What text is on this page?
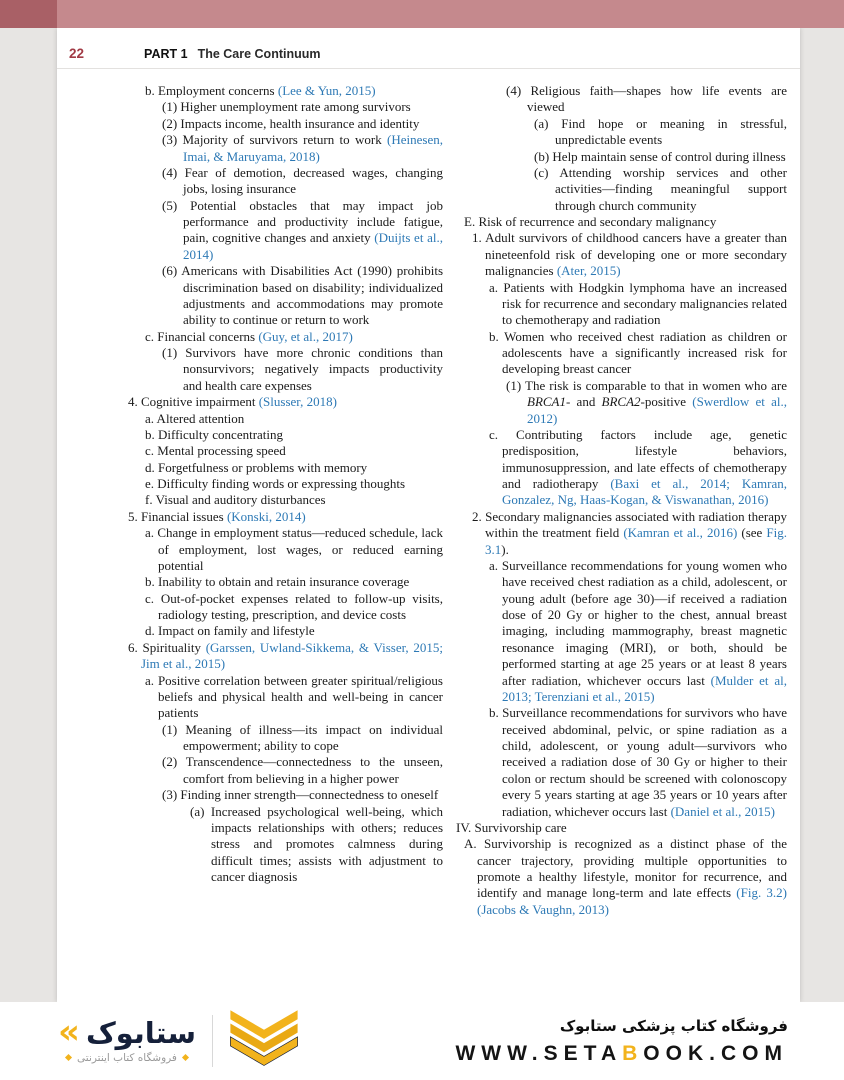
22	PART 1 The Care Continuum

b. Employment concerns (Lee & Yun, 2015)

(1) Higher unemployment rate among survivors

(2) Impacts income, health insurance and identity

(3) Majority of survivors return to work (Heinesen, Imai, & Maruyama, 2018)

(4) Fear of demotion, decreased wages, changing jobs, losing insurance

(5) Potential obstacles that may impact job performance and productivity include fatigue, pain, cognitive changes and anxiety (Duijts et al., 2014)

(6) Americans with Disabilities Act (1990) prohibits discrimination based on disability; individualized adjustments and accommodations may promote ability to continue or return to work

c. Financial concerns (Guy, et al., 2017)

(1) Survivors have more chronic conditions than nonsurvivors; negatively impacts productivity and health care expenses

4. Cognitive impairment (Slusser, 2018)

a. Altered attention

b. Difficulty concentrating

c. Mental processing speed

d. Forgetfulness or problems with memory

e. Difficulty finding words or expressing thoughts

f. Visual and auditory disturbances

5. Financial issues (Konski, 2014)

a. Change in employment status—reduced schedule, lack of employment, lost wages, or reduced earning potential

b. Inability to obtain and retain insurance coverage

c. Out-of-pocket expenses related to follow-up visits, radiology testing, prescription, and device costs

d. Impact on family and lifestyle

6. Spirituality (Garssen, Uwland-Sikkema, & Visser, 2015; Jim et al., 2015)

a. Positive correlation between greater spiritual/religious beliefs and physical health and well-being in cancer patients

(1) Meaning of illness—its impact on individual empowerment; ability to cope

(2) Transcendence—connectedness to the unseen, comfort from believing in a higher power

(3) Finding inner strength—connectedness to oneself

(a) Increased psychological well-being, which impacts relationships with others; reduces stress and promotes calmness during difficult times; assists with adjustment to cancer diagnosis

(4) Religious faith—shapes how life events are viewed

(a) Find hope or meaning in stressful, unpredictable events

(b) Help maintain sense of control during illness

(c) Attending worship services and other activities—finding meaningful support through church community

E. Risk of recurrence and secondary malignancy

1. Adult survivors of childhood cancers have a greater than nineteenfold risk of developing one or more secondary malignancies (Ater, 2015)

a. Patients with Hodgkin lymphoma have an increased risk for recurrence and secondary malignancies related to chemotherapy and radiation

b. Women who received chest radiation as children or adolescents have a significantly increased risk for developing breast cancer

(1) The risk is comparable to that in women who are BRCA1- and BRCA2-positive (Swerdlow et al., 2012)

c. Contributing factors include age, genetic predisposition, lifestyle behaviors, immunosuppression, and late effects of chemotherapy and radiotherapy (Baxi et al., 2014; Kamran, Gonzalez, Ng, Haas-Kogan, & Viswanathan, 2016)

2. Secondary malignancies associated with radiation therapy within the treatment field (Kamran et al., 2016) (see Fig. 3.1).

a. Surveillance recommendations for young women who have received chest radiation as a child, adolescent, or young adult (before age 30)—if received a radiation dose of 20 Gy or higher to the chest, annual breast imaging, including mammography, breast magnetic resonance imaging (MRI), or both, should be performed starting at age 25 years or at least 8 years after radiation, whichever occurs last (Mulder et al, 2013; Terenziani et al., 2015)

b. Surveillance recommendations for survivors who have received abdominal, pelvic, or spine radiation as a child, adolescent, or young adult—survivors who received a radiation dose of 30 Gy or higher to their colon or rectum should be screened with colonoscopy every 5 years starting at age 35 years or 10 years after radiation, whichever occurs last (Daniel et al., 2015)

IV. Survivorship care

A. Survivorship is recognized as a distinct phase of the cancer trajectory, providing multiple opportunities to promote a healthy lifestyle, monitor for recurrence, and identify and manage long-term and late effects (Fig. 3.2) (Jacobs & Vaughn, 2013)

« ستابوک
فروشگاه کتاب اینترنتی
فروشگاه کتاب پزشکی ستابوک
WWW.SETABOOK.COM
